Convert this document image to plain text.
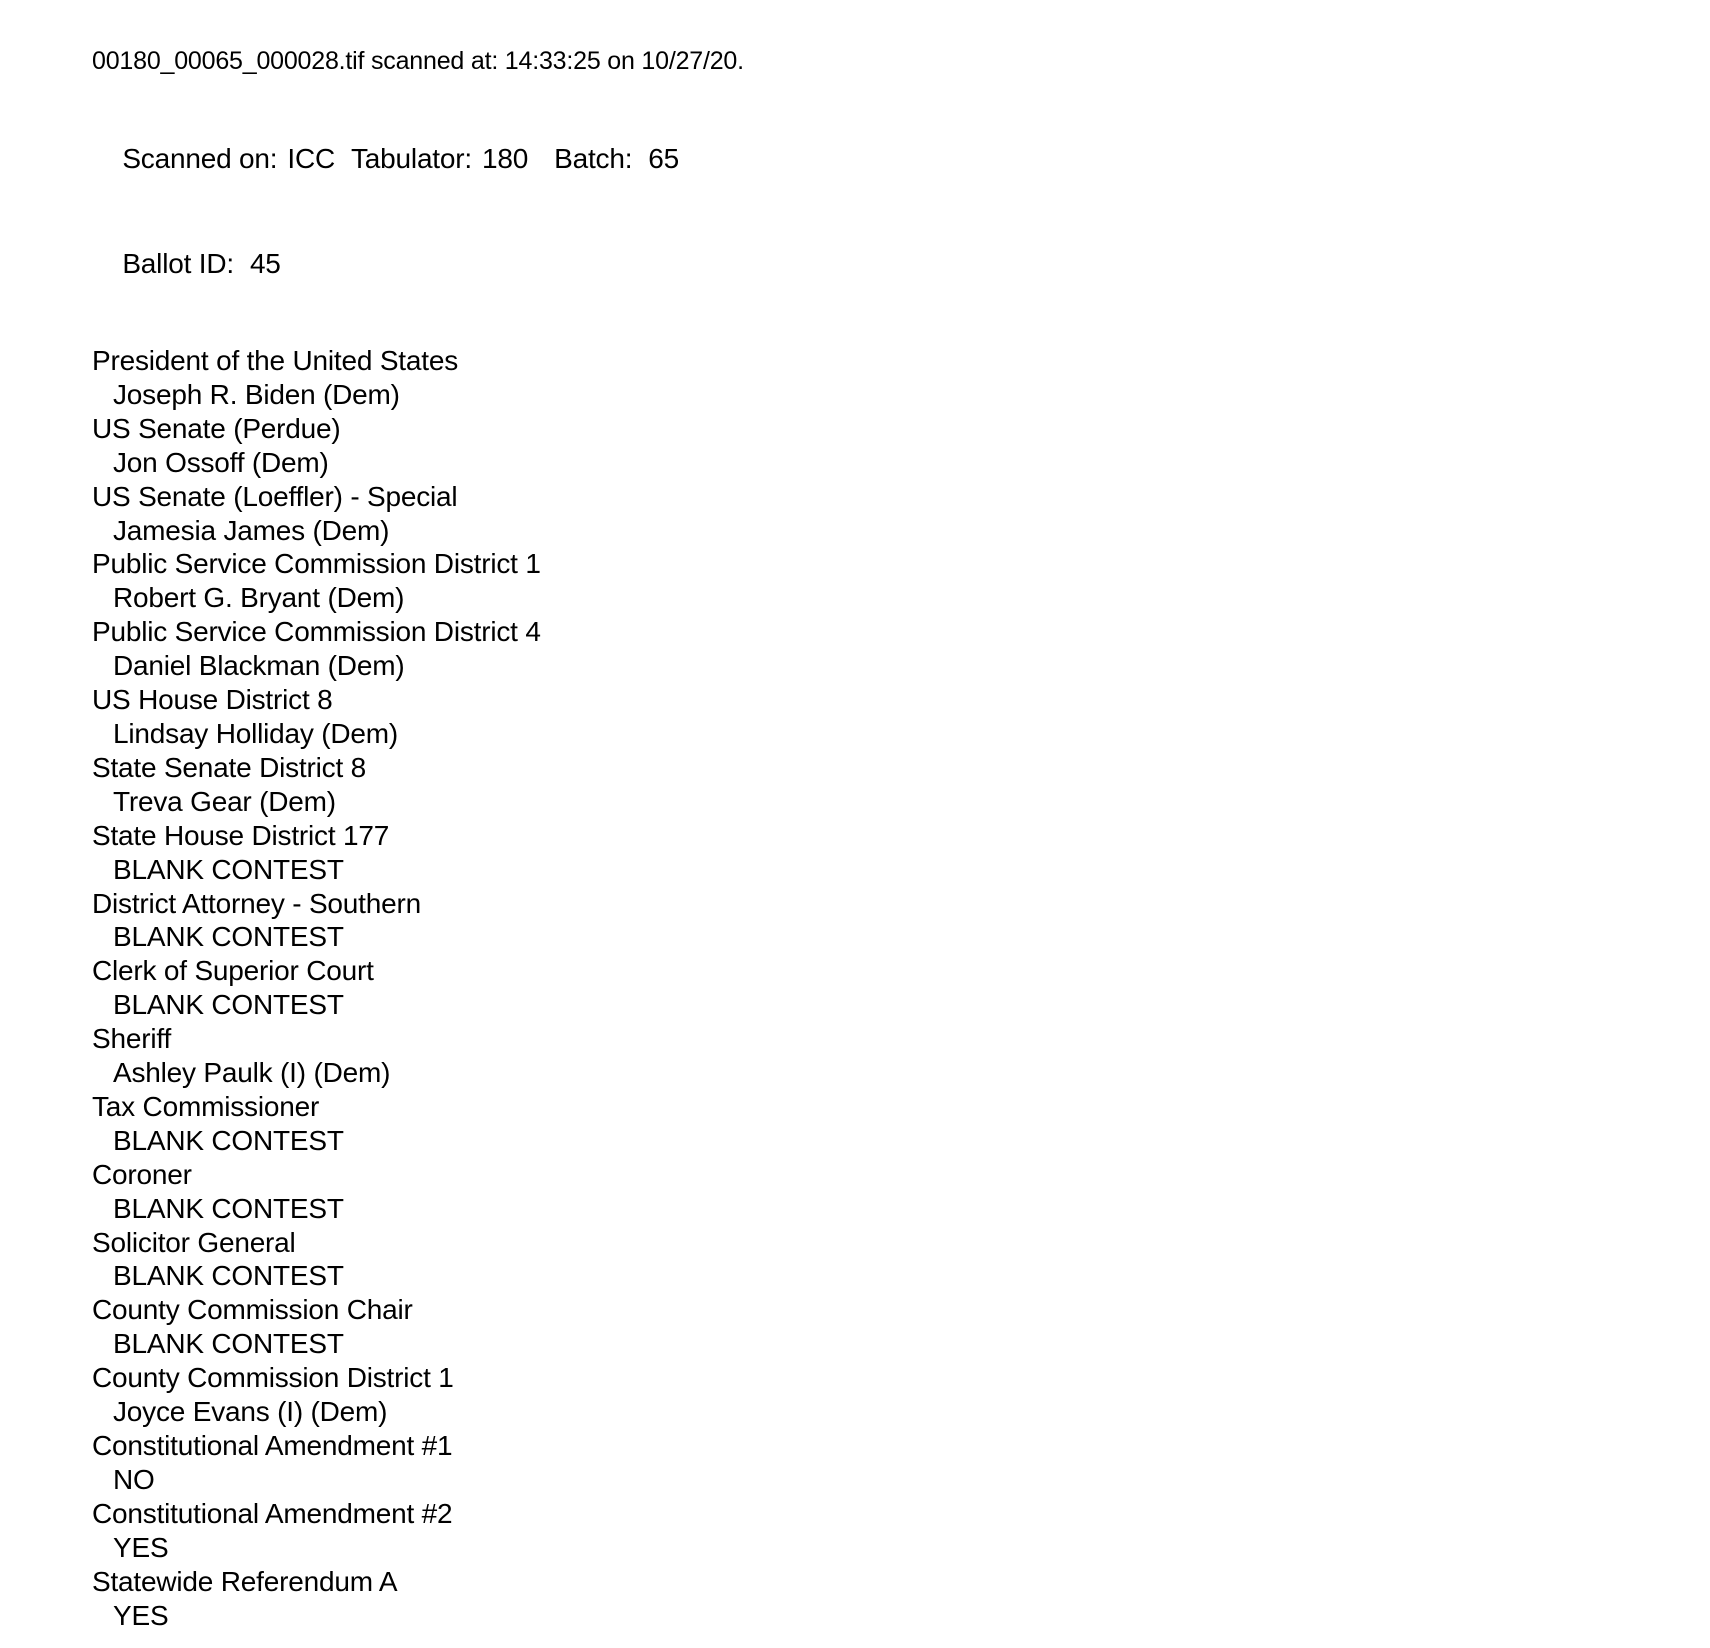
00180_00065_000028.tif scanned at: 14:33:25 on 10/27/20.

Scanned on: ICC Tabulator: 180 Batch: 65

Ballot ID: 45

President of the United States
Joseph R. Biden (Dem)
US Senate (Perdue)
Jon Ossoff (Dem)
US Senate (Loeffler) - Special
Jamesia James (Dem)
Public Service Commission District 1
Robert G. Bryant (Dem)
Public Service Commission District 4
Daniel Blackman (Dem)
US House District 8
Lindsay Holliday (Dem)
State Senate District 8
Treva Gear (Dem)
State House District 177
BLANK CONTEST
District Attorney - Southern
BLANK CONTEST
Clerk of Superior Court
BLANK CONTEST
Sheriff
Ashley Paulk (I) (Dem)
Tax Commissioner
BLANK CONTEST
Coroner
BLANK CONTEST
Solicitor General
BLANK CONTEST
County Commission Chair
BLANK CONTEST
County Commission District 1
Joyce Evans (I) (Dem)
Constitutional Amendment #1
NO
Constitutional Amendment #2
YES
Statewide Referendum A
YES
